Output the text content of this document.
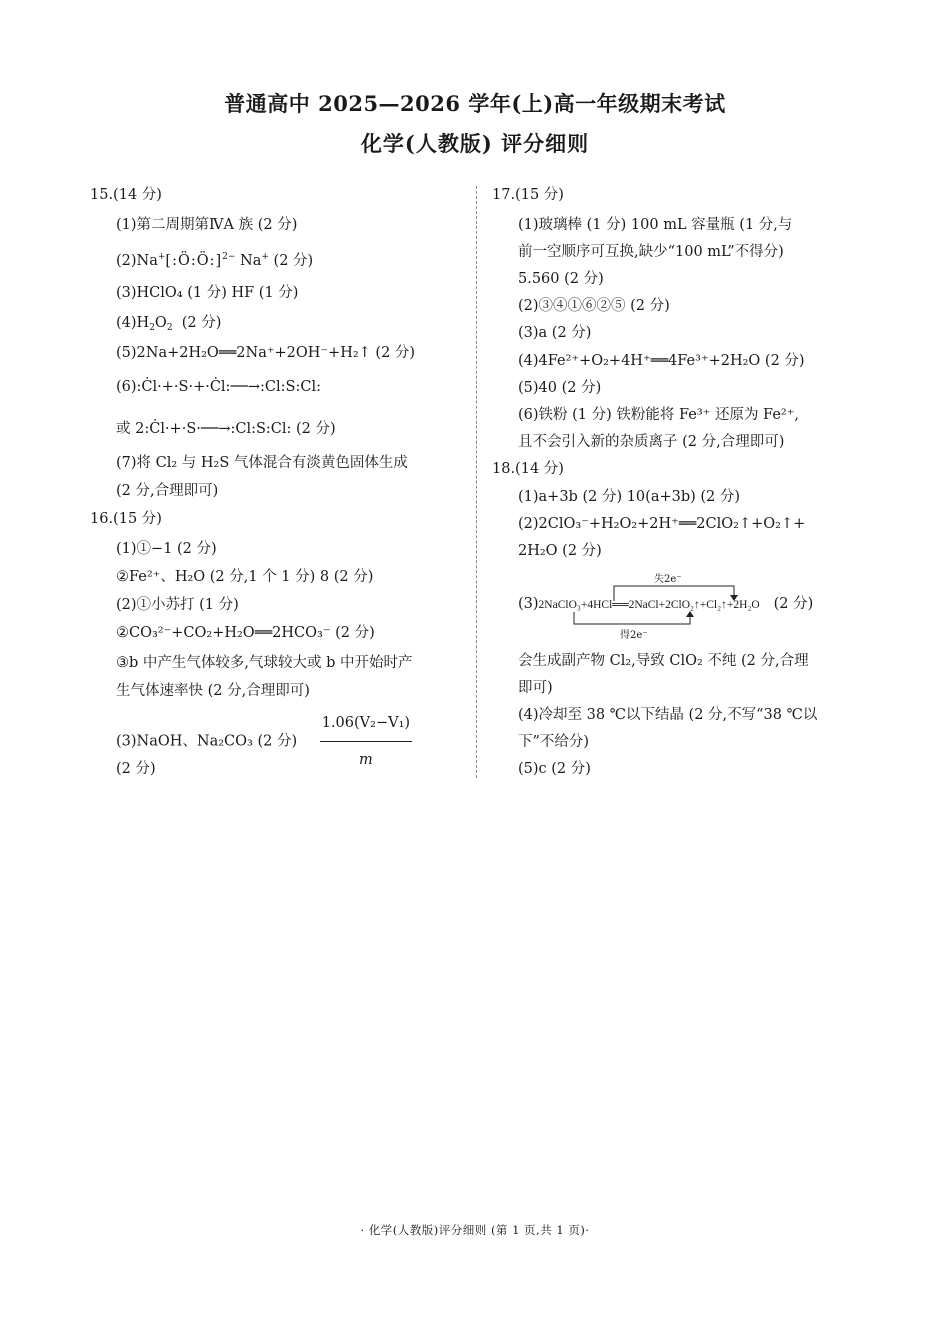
普通高中 2025—2026 学年(上)高一年级期末考试
化学(人教版) 评分细则
15.(14 分)
(1)第二周期第ⅣA 族 (2 分)
(2)Na+[:Ö:Ö:]$^{2-}$ Na+ (2 分)
(3)HClO₄ (1 分) HF (1 分)
$(4)H_2O_2$ (2 分)
(5)2Na+2H₂O══2Na⁺+2OH⁻+H₂↑ (2 分)
(6):Ċl·+·S·+·Ċl:──→:Cl:S:Cl:
或 2:Ċl·+·S·──→:Cl:S:Cl: (2 分)
(7)将 Cl₂ 与 H₂S 气体混合有淡黄色固体生成
(2 分,合理即可)
16.(15 分)
(1)①−1 (2 分)
②Fe²⁺、H₂O (2 分,1 个 1 分) 8 (2 分)
(2)①小苏打 (1 分)
②CO₃²⁻+CO₂+H₂O══2HCO₃⁻ (2 分)
③b 中产生气体较多,气球较大或 b 中开始时产
生气体速率快 (2 分,合理即可)
(3)NaOH、Na₂CO₃ (2 分) $\frac{\text{1.06(V₂−V₁)}}{m}$
(2 分)
17.(15 分)
(1)玻璃棒 (1 分) 100 mL 容量瓶 (1 分,与
前一空顺序可互换,缺少“100 mL”不得分)
5.560 (2 分)
(2)③④①⑥②⑤ (2 分)
(3)a (2 分)
(4)4Fe²⁺+O₂+4H⁺══4Fe³⁺+2H₂O (2 分)
(5)40 (2 分)
(6)铁粉 (1 分) 铁粉能将 Fe³⁺ 还原为 Fe²⁺,
且不会引入新的杂质离子 (2 分,合理即可)
18.(14 分)
(1)a+3b (2 分) 10(a+3b) (2 分)
(2)2ClO₃⁻+H₂O₂+2H⁺══2ClO₂↑+O₂↑+
2H₂O (2 分)
失2e⁻
(3)2NaClO₃+4HCl══2NaCl+2ClO₂↑+Cl₂↑+2H₂O (2 分)
得2e⁻
会生成副产物 Cl₂,导致 ClO₂ 不纯 (2 分,合理
即可)
(4)冷却至 38 ℃以下结晶 (2 分,不写“38 ℃以
下”不给分)
(5)c (2 分)
· 化学(人教版)评分细则 (第 1 页,共 1 页)·
